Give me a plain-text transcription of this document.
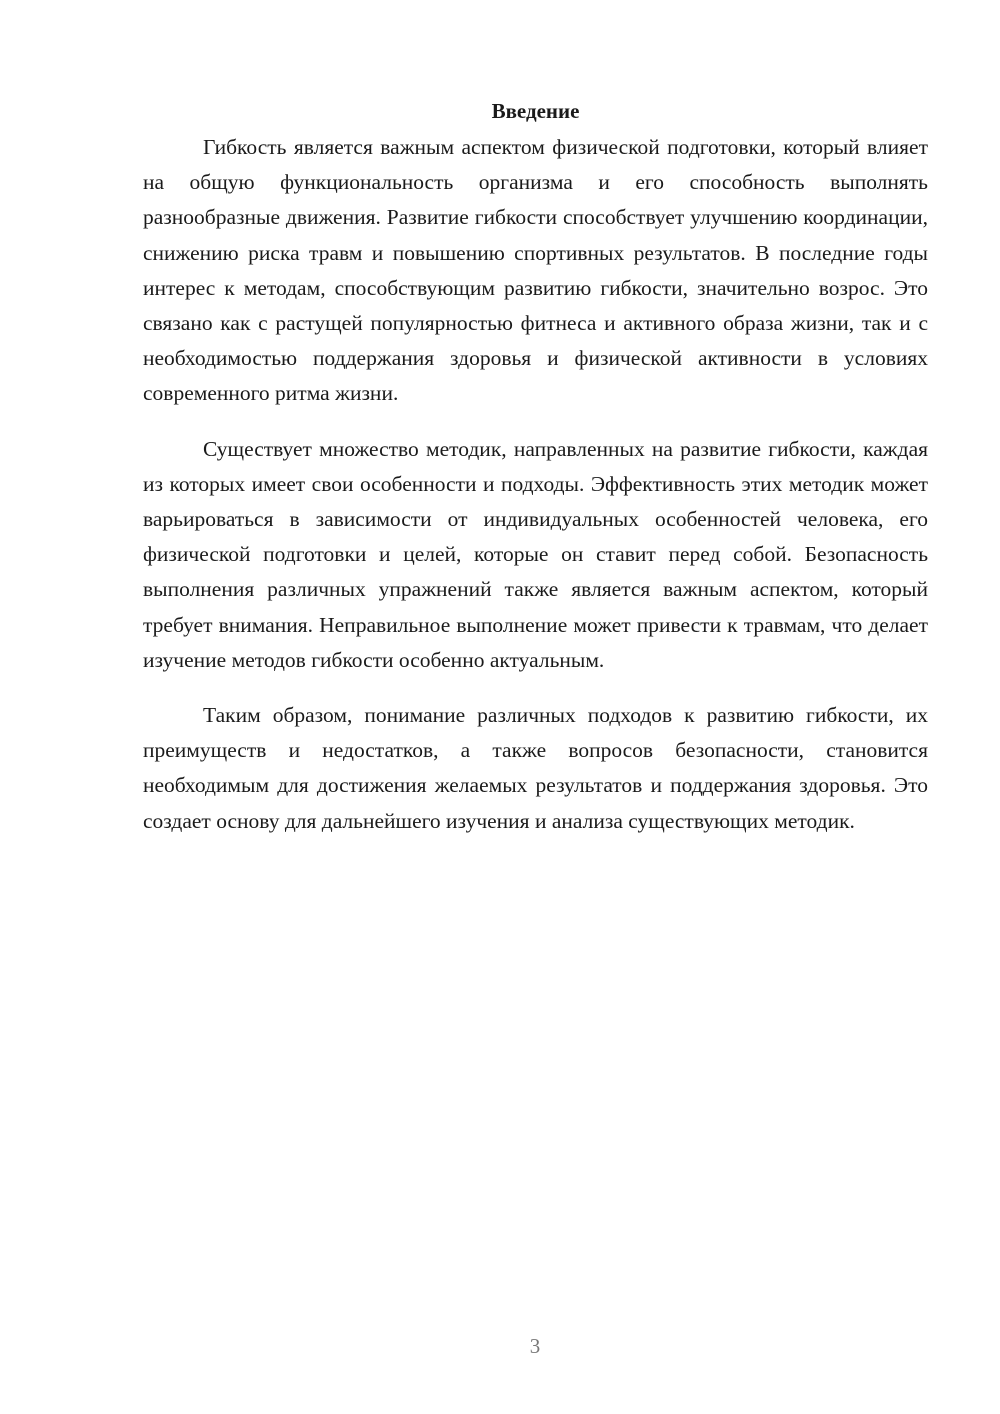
Введение

Гибкость является важным аспектом физической подготовки, который влияет на общую функциональность организма и его способность выполнять разнообразные движения. Развитие гибкости способствует улучшению координации, снижению риска травм и повышению спортивных результатов. В последние годы интерес к методам, способствующим развитию гибкости, значительно возрос. Это связано как с растущей популярностью фитнеса и активного образа жизни, так и с необходимостью поддержания здоровья и физической активности в условиях современного ритма жизни.

Существует множество методик, направленных на развитие гибкости, каждая из которых имеет свои особенности и подходы. Эффективность этих методик может варьироваться в зависимости от индивидуальных особенностей человека, его физической подготовки и целей, которые он ставит перед собой. Безопасность выполнения различных упражнений также является важным аспектом, который требует внимания. Неправильное выполнение может привести к травмам, что делает изучение методов гибкости особенно актуальным.

Таким образом, понимание различных подходов к развитию гибкости, их преимуществ и недостатков, а также вопросов безопасности, становится необходимым для достижения желаемых результатов и поддержания здоровья. Это создает основу для дальнейшего изучения и анализа существующих методик.

3
